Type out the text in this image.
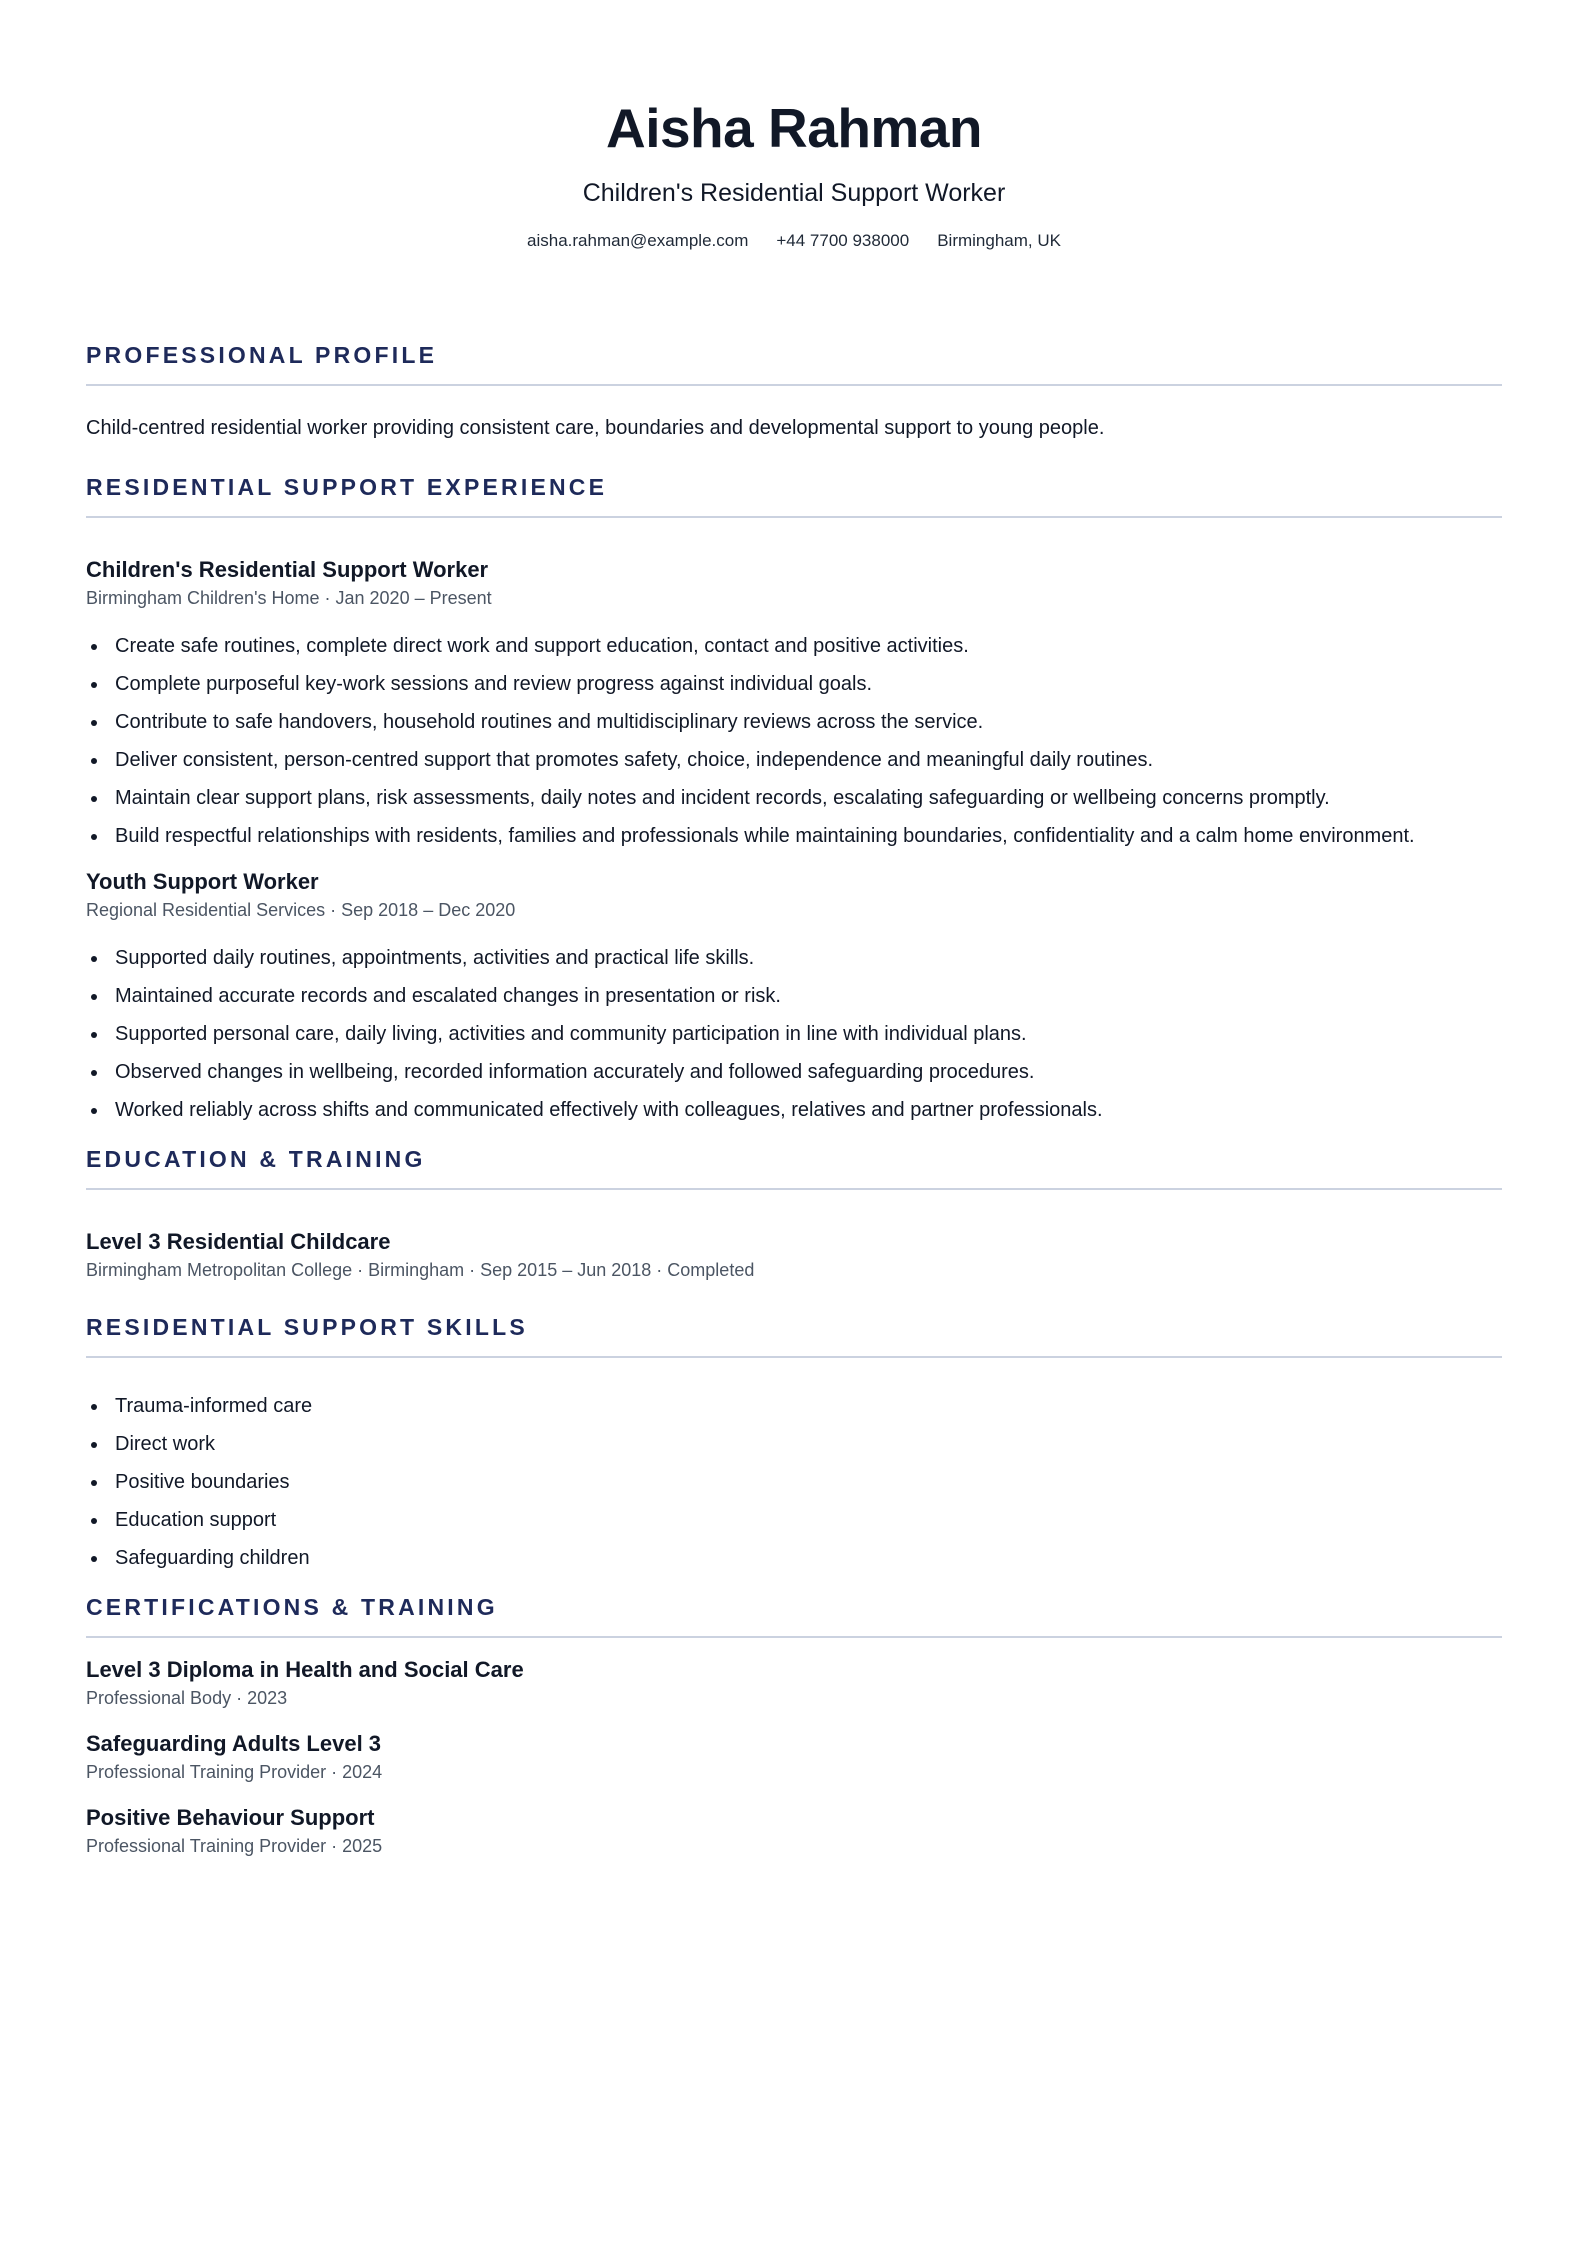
Aisha Rahman
Children's Residential Support Worker
aisha.rahman@example.com +44 7700 938000 Birmingham, UK
PROFESSIONAL PROFILE

Child-centred residential worker providing consistent care, boundaries and developmental support to young people.

RESIDENTIAL SUPPORT EXPERIENCE
Children's Residential Support Worker

Birmingham Children's Home · Jan 2020 – Present

Create safe routines, complete direct work and support education, contact and positive activities.
Complete purposeful key-work sessions and review progress against individual goals.
Contribute to safe handovers, household routines and multidisciplinary reviews across the service.
Deliver consistent, person-centred support that promotes safety, choice, independence and meaningful daily routines.
Maintain clear support plans, risk assessments, daily notes and incident records, escalating safeguarding or wellbeing concerns promptly.
Build respectful relationships with residents, families and professionals while maintaining boundaries, confidentiality and a calm home environment.
Youth Support Worker

Regional Residential Services · Sep 2018 – Dec 2020

Supported daily routines, appointments, activities and practical life skills.
Maintained accurate records and escalated changes in presentation or risk.
Supported personal care, daily living, activities and community participation in line with individual plans.
Observed changes in wellbeing, recorded information accurately and followed safeguarding procedures.
Worked reliably across shifts and communicated effectively with colleagues, relatives and partner professionals.
EDUCATION & TRAINING
Level 3 Residential Childcare

Birmingham Metropolitan College · Birmingham · Sep 2015 – Jun 2018 · Completed

RESIDENTIAL SUPPORT SKILLS
Trauma-informed care
Direct work
Positive boundaries
Education support
Safeguarding children
CERTIFICATIONS & TRAINING
Level 3 Diploma in Health and Social Care

Professional Body · 2023

Safeguarding Adults Level 3

Professional Training Provider · 2024

Positive Behaviour Support

Professional Training Provider · 2025
